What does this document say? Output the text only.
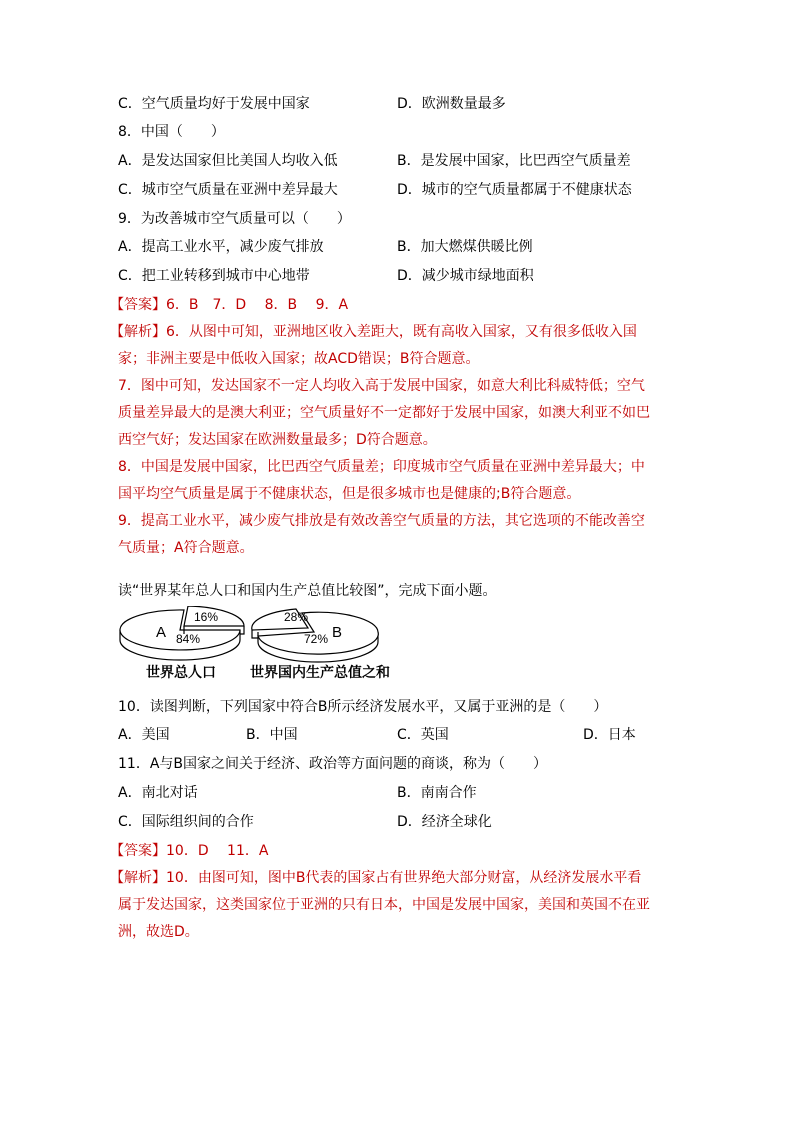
C．空气质量均好于发展中国家	D．欧洲数量最多
8．中国（　　）
A．是发达国家但比美国人均收入低	B．是发展中国家，比巴西空气质量差
C．城市空气质量在亚洲中差异最大	D．城市的空气质量都属于不健康状态
9．为改善城市空气质量可以（　　）
A．提高工业水平，减少废气排放	B．加大燃煤供暖比例
C．把工业转移到城市中心地带	D．减少城市绿地面积
【答案】6．B　7．D　 8．B　 9．A
【解析】6．从图中可知，亚洲地区收入差距大，既有高收入国家，又有很多低收入国
家；非洲主要是中低收入国家；故ACD错误；B符合题意。
7．图中可知，发达国家不一定人均收入高于发展中国家，如意大利比科威特低；空气
质量差异最大的是澳大利亚；空气质量好不一定都好于发展中国家，如澳大利亚不如巴
西空气好；发达国家在欧洲数量最多；D符合题意。
8．中国是发展中国家，比巴西空气质量差；印度城市空气质量在亚洲中差异最大；中
国平均空气质量是属于不健康状态，但是很多城市也是健康的;B符合题意。
9．提高工业水平，减少废气排放是有效改善空气质量的方法，其它选项的不能改善空
气质量；A符合题意。
读“世界某年总人口和国内生产总值比较图”，完成下面小题。
A 84%
16%	28%
72% B
世界总人口 世界国内生产总值之和
10．读图判断，下列国家中符合B所示经济发展水平，又属于亚洲的是（　　）
A．美国	B．中国	C．英国	D．日本
11．A与B国家之间关于经济、政治等方面问题的商谈，称为（　　）
A．南北对话	B．南南合作
C．国际组织间的合作	D．经济全球化
【答案】10．D　 11．A
【解析】10．由图可知，图中B代表的国家占有世界绝大部分财富，从经济发展水平看
属于发达国家，这类国家位于亚洲的只有日本，中国是发展中国家，美国和英国不在亚
洲，故选D。
